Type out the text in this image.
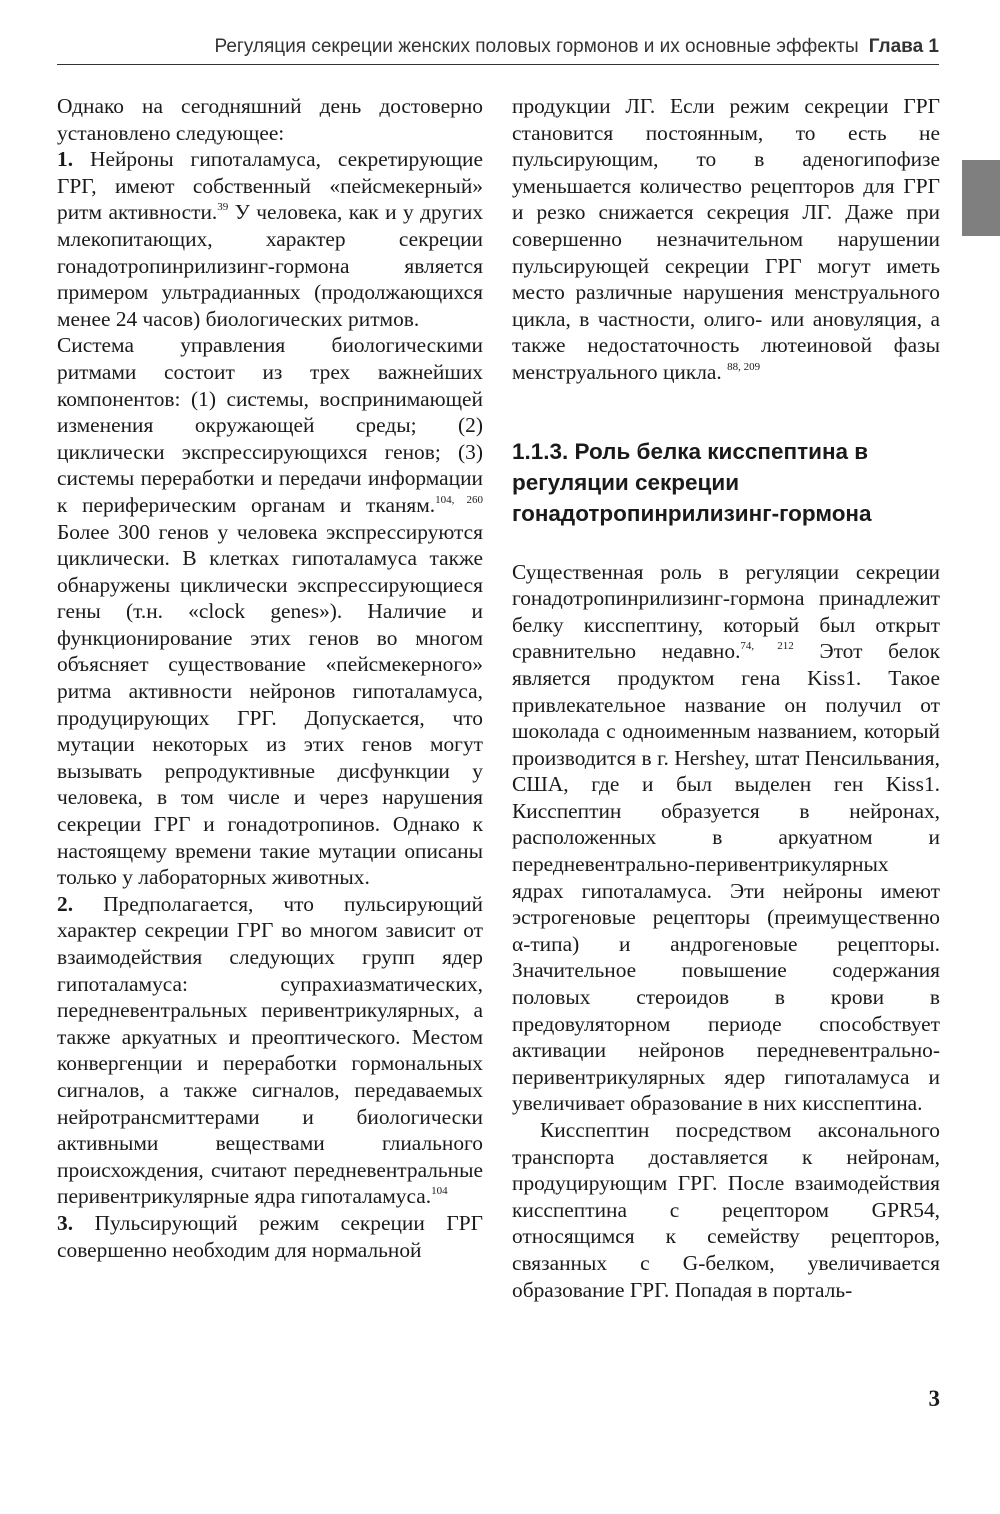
Регуляция секреции женских половых гормонов и их основные эффекты Глава 1

Однако на сегодняшний день достоверно установлено следующее:

1. Нейроны гипоталамуса, секретирующие ГРГ, имеют собственный «пейсмекерный» ритм активности.$^{39}$ У человека, как и у других млекопитающих, характер секреции гонадотропинрилизинг-гормона является примером ультрадианных (продолжающихся менее 24 часов) биологических ритмов.

Система управления биологическими ритмами состоит из трех важнейших компонентов: (1) системы, воспринимающей изменения окружающей среды; (2) циклически экспрессирующихся генов; (3) системы переработки и передачи информации к периферическим органам и тканям.$^{104, 260}$ Более 300 генов у человека экспрессируются циклически. В клетках гипоталамуса также обнаружены циклически экспрессирующиеся гены (т.н. «clock genes»). Наличие и функционирование этих генов во многом объясняет существование «пейсмекерного» ритма активности нейронов гипоталамуса, продуцирующих ГРГ. Допускается, что мутации некоторых из этих генов могут вызывать репродуктивные дисфункции у человека, в том числе и через нарушения секреции ГРГ и гонадотропинов. Однако к настоящему времени такие мутации описаны только у лабораторных животных.

2. Предполагается, что пульсирующий характер секреции ГРГ во многом зависит от взаимодействия следующих групп ядер гипоталамуса: супрахиазматических, передневентральных перивентрикулярных, а также аркуатных и преоптического. Местом конвергенции и переработки гормональных сигналов, а также сигналов, передаваемых нейротрансмиттерами и биологически активными веществами глиального происхождения, считают передневентральные перивентрикулярные ядра гипоталамуса.$^{104}$

3. Пульсирующий режим секреции ГРГ совершенно необходим для нормальной

продукции ЛГ. Если режим секреции ГРГ становится постоянным, то есть не пульсирующим, то в аденогипофизе уменьшается количество рецепторов для ГРГ и резко снижается секреция ЛГ. Даже при совершенно незначительном нарушении пульсирующей секреции ГРГ могут иметь место различные нарушения менструального цикла, в частности, олиго- или ановуляция, а также недостаточность лютеиновой фазы менструального цикла. $^{88, 209}$

1.1.3. Роль белка кисспептина в регуляции секреции гонадотропинрилизинг-гормона

Существенная роль в регуляции секреции гонадотропинрилизинг-гормона принадлежит белку кисспептину, который был открыт сравнительно недавно.$^{74, 212}$ Этот белок является продуктом гена Kiss1. Такое привлекательное название он получил от шоколада с одноименным названием, который производится в г. Hershey, штат Пенсильвания, США, где и был выделен ген Kiss1. Кисспептин образуется в нейронах, расположенных в аркуатном и передневентрально-перивентрикулярных ядрах гипоталамуса. Эти нейроны имеют эстрогеновые рецепторы (преимущественно α-типа) и андрогеновые рецепторы. Значительное повышение содержания половых стероидов в крови в предовуляторном периоде способствует активации нейронов передневентрально-перивентрикулярных ядер гипоталамуса и увеличивает образование в них кисспептина.

Кисспептин посредством аксонального транспорта доставляется к нейронам, продуцирующим ГРГ. После взаимодействия кисспептина с рецептором GPR54, относящимся к семейству рецепторов, связанных с G-белком, увеличивается образование ГРГ. Попадая в порталь-

3
